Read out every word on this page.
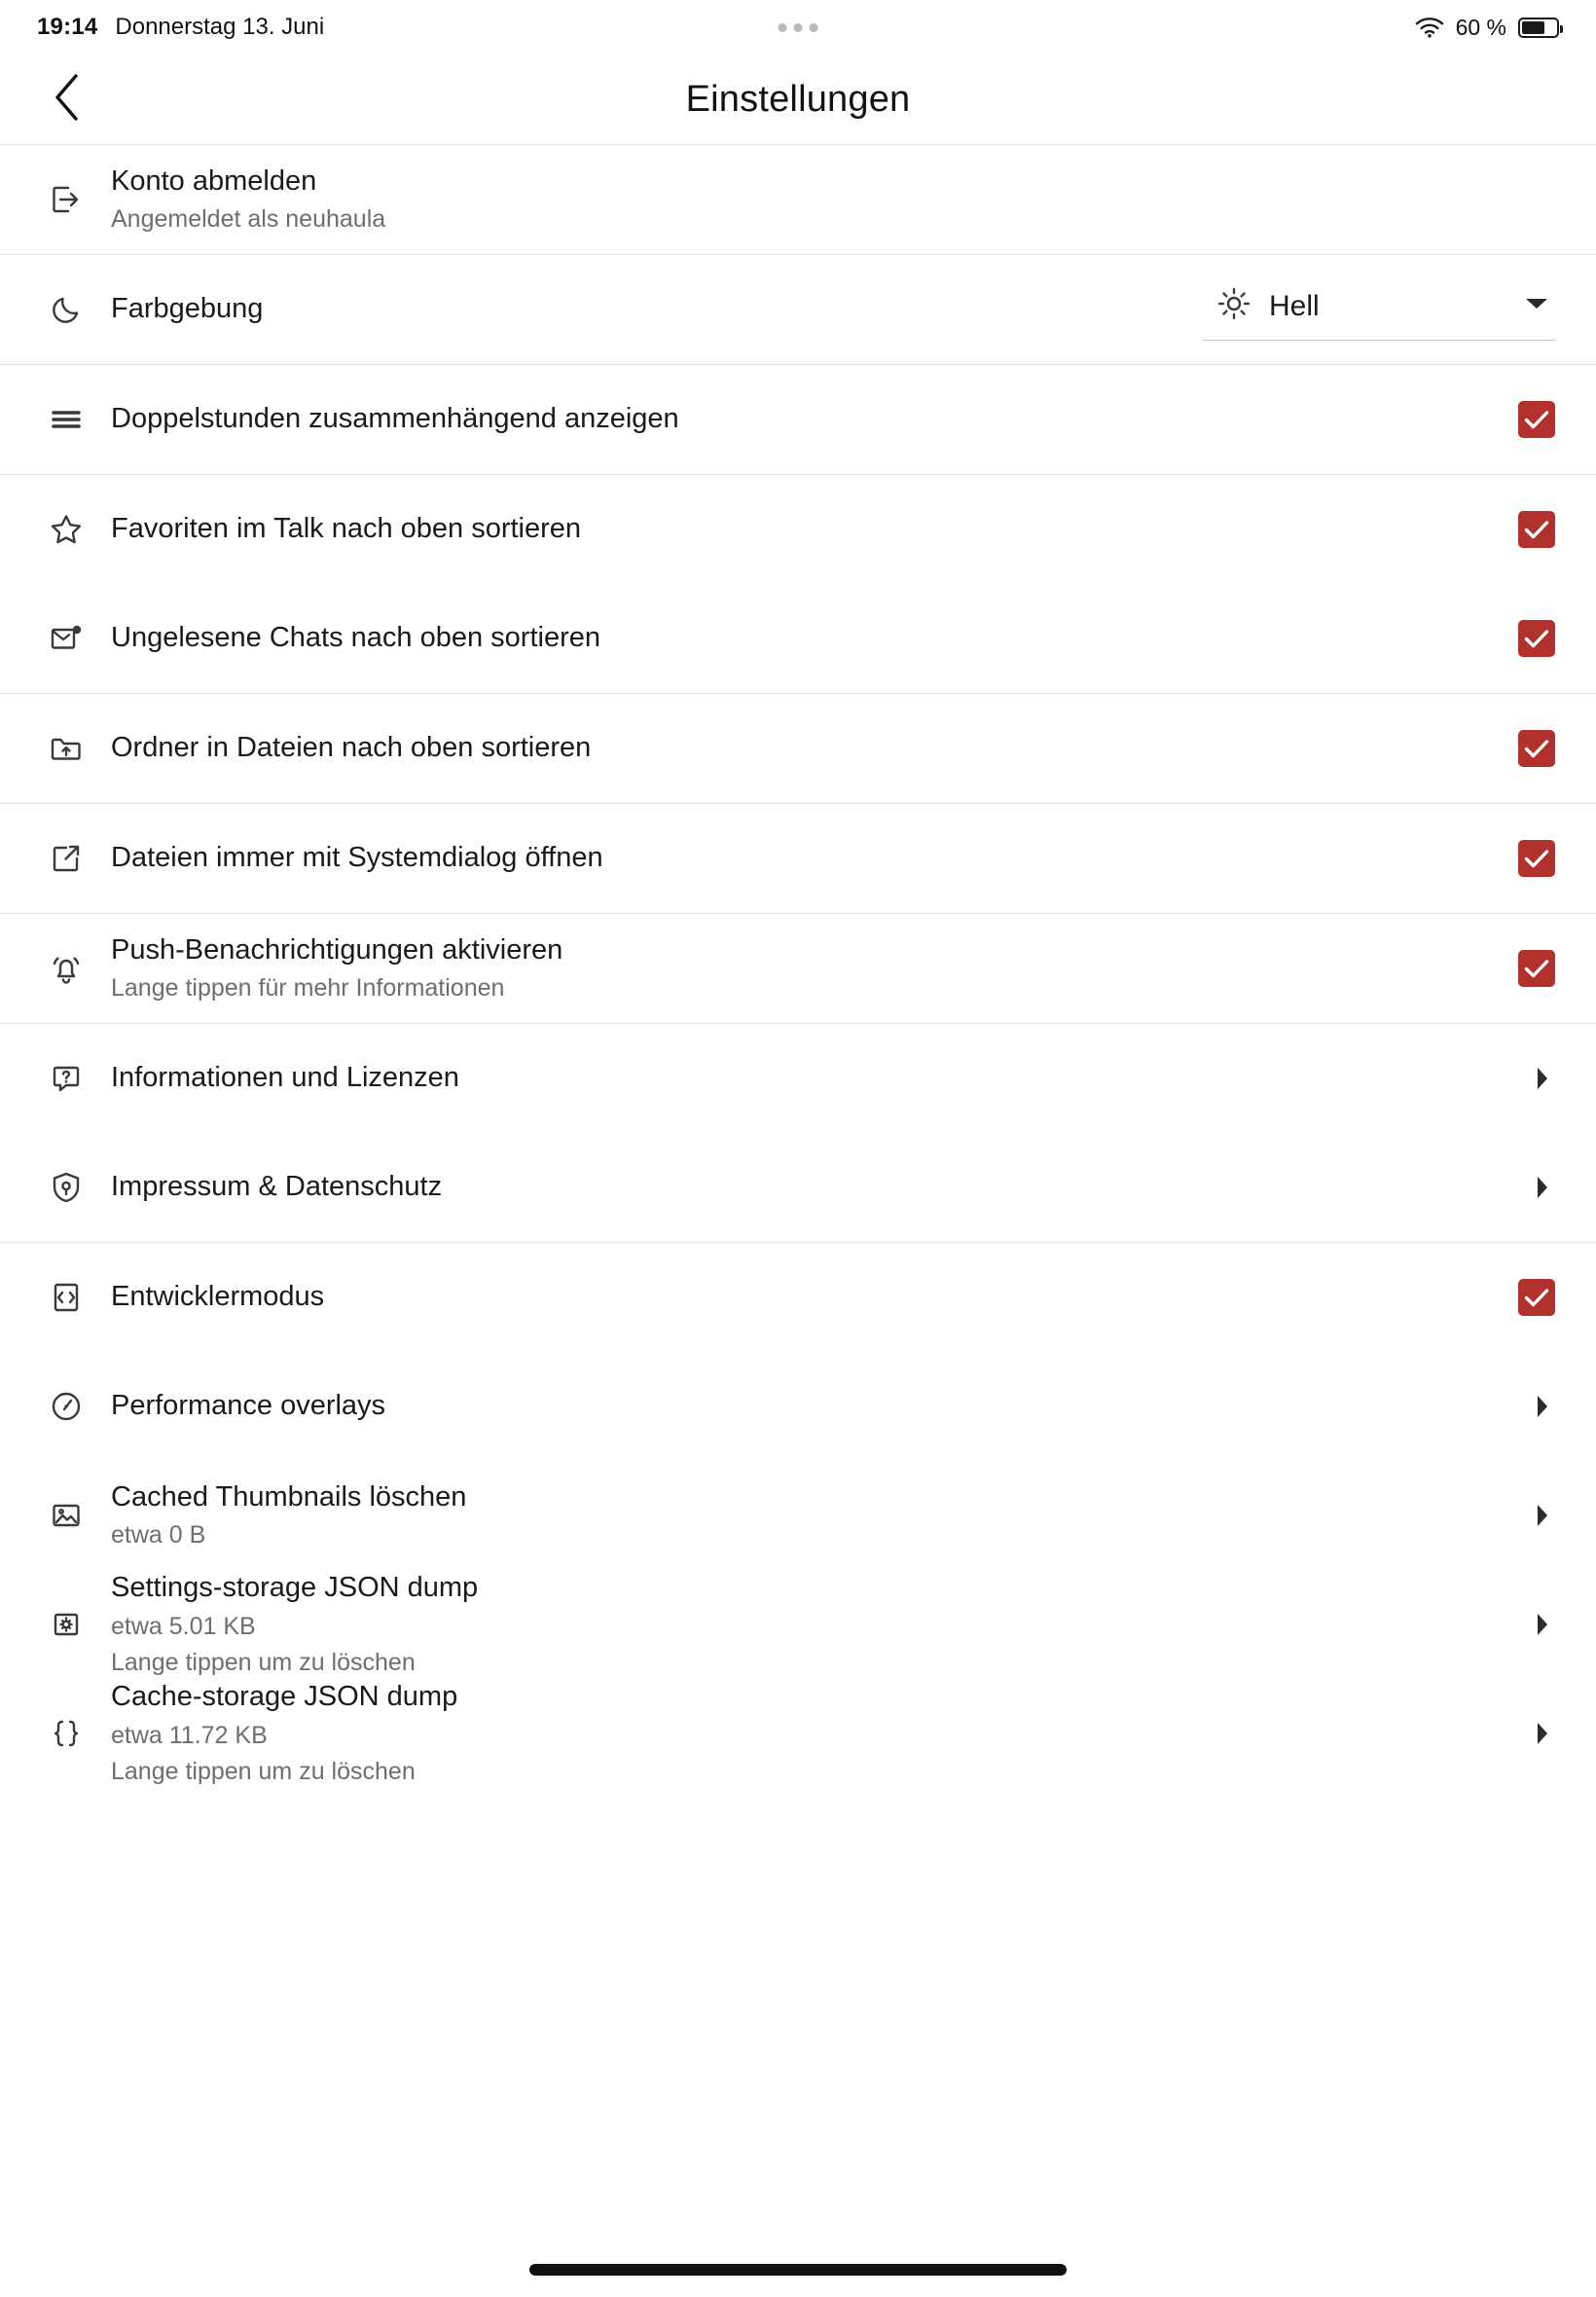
19:14 Donnerstag 13. Juni	60 %
Einstellungen
Konto abmelden
Angemeldet als neuhaula
Farbgebung	Hell
Doppelstunden zusammenhängend anzeigen
Favoriten im Talk nach oben sortieren
Ungelesene Chats nach oben sortieren
Ordner in Dateien nach oben sortieren
Dateien immer mit Systemdialog öffnen
Push-Benachrichtigungen aktivieren
Lange tippen für mehr Informationen
Informationen und Lizenzen
Impressum & Datenschutz
Entwicklermodus
Performance overlays
Cached Thumbnails löschen
etwa 0 B
Settings-storage JSON dump
etwa 5.01 KB
Lange tippen um zu löschen
Cache-storage JSON dump
etwa 11.72 KB
Lange tippen um zu löschen
